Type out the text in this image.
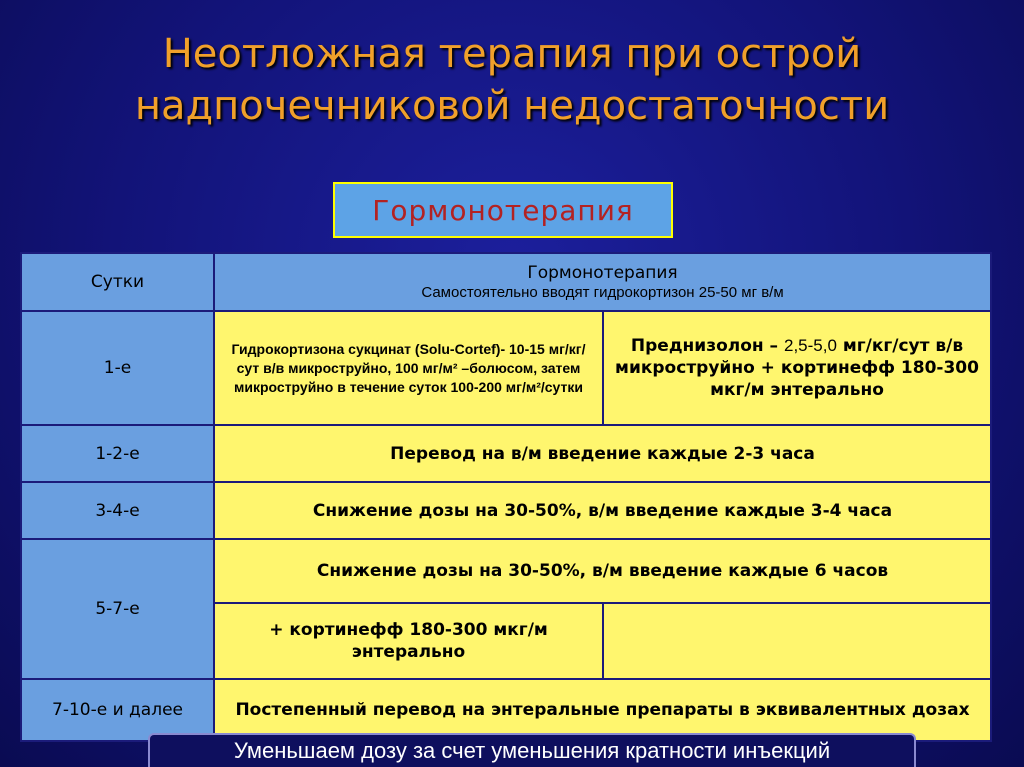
Неотложная терапия при острой
надпочечниковой недостаточности
Гормонотерапия
Сутки	Гормонотерапия
Самостоятельно вводят гидрокортизон 25-50 мг в/м	

1-е	Гидрокортизона сукцинат (Solu-Cortef)- 10-15 мг/кг/сут в/в микроструйно, 100 мг/м² –болюсом, затем микроструйно в течение суток 100-200 мг/м²/сутки	Преднизолон – 2,5-5,0 мг/кг/сут в/в микроструйно + кортинефф 180-300 мкг/м энтерально
1-2-е	Перевод на в/м введение каждые 2-3 часа	
3-4-е	Снижение дозы на 30-50%, в/м введение каждые 3-4 часа	
5-7-е	Снижение дозы на 30-50%, в/м введение каждые 6 часов	
	+ кортинефф 180-300 мкг/м энтерально	
7-10-е и далее	Постепенный перевод на энтеральные препараты в эквивалентных дозах	
Уменьшаем дозу за счет уменьшения кратности инъекций
